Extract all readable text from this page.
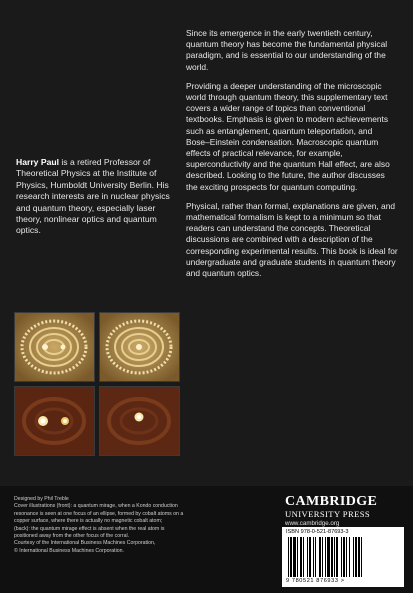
Harry Paul is a retired Professor of Theoretical Physics at the Institute of Physics, Humboldt University Berlin. His research interests are in nuclear physics and quantum theory, especially laser theory, nonlinear optics and quantum optics.

Since its emergence in the early twentieth century, quantum theory has become the fundamental physical paradigm, and is essential to our understanding of the world.

Providing a deeper understanding of the microscopic world through quantum theory, this supplementary text covers a wider range of topics than conventional textbooks. Emphasis is given to modern achievements such as entanglement, quantum teleportation, and Bose–Einstein condensation. Macroscopic quantum effects of practical relevance, for example, superconductivity and the quantum Hall effect, are also described. Looking to the future, the author discusses the exciting prospects for quantum computing.

Physical, rather than formal, explanations are given, and mathematical formalism is kept to a minimum so that readers can understand the concepts. Theoretical discussions are combined with a description of the corresponding experimental results. This book is ideal for undergraduate and graduate students in quantum theory and quantum optics.

Designed by Phil Treble
Cover illustrations (front): a quantum mirage, when a Kondo conduction
resonance is seen at one focus of an ellipse, formed by cobalt atoms on a
copper surface, where there is actually no magnetic cobalt atom;
(back): the quantum mirage effect is absent when the real atom is
positioned away from the other focus of the corral.
Courtesy of the International Business Machines Corporation,
© International Business Machines Corporation.
CAMBRIDGE
UNIVERSITY PRESS
www.cambridge.org
ISBN 978-0-521-87693-3
9 780521 876933 >
